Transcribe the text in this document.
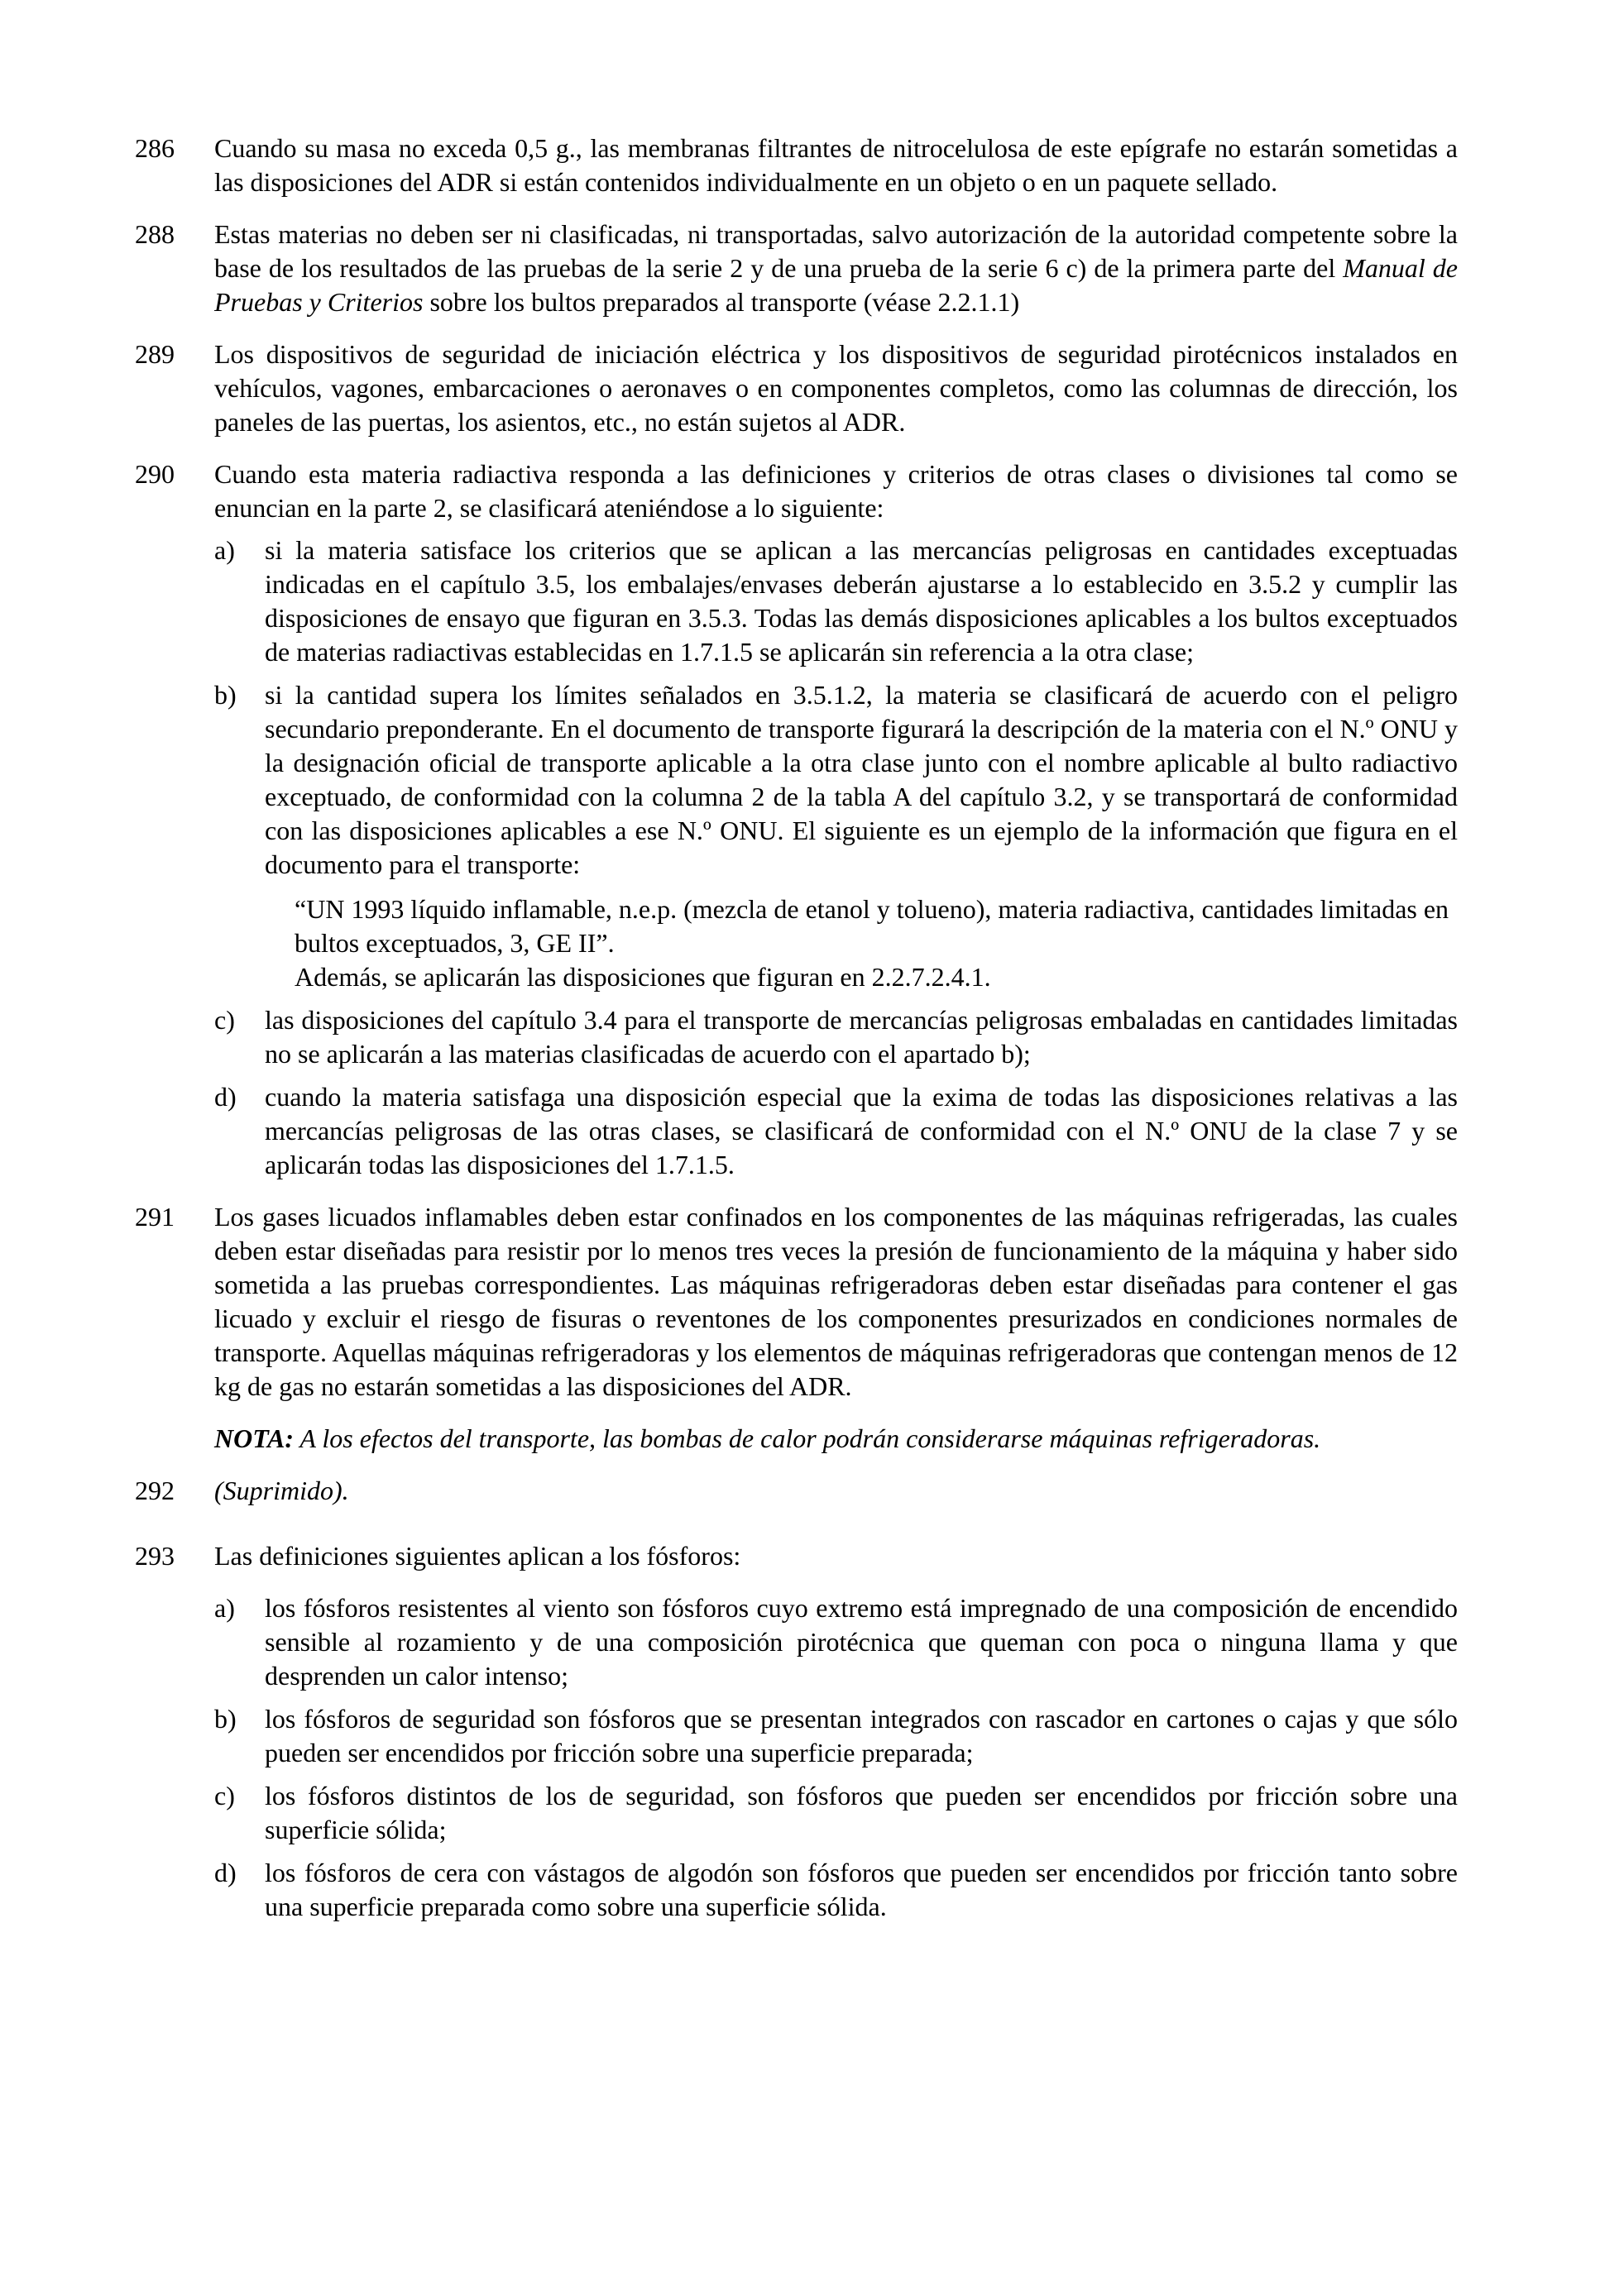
286	Cuando su masa no exceda 0,5 g., las membranas filtrantes de nitrocelulosa de este epígrafe no estarán sometidas a las disposiciones del ADR si están contenidos individualmente en un objeto o en un paquete sellado.

288	Estas materias no deben ser ni clasificadas, ni transportadas, salvo autorización de la autoridad competente sobre la base de los resultados de las pruebas de la serie 2 y de una prueba de la serie 6 c) de la primera parte del Manual de Pruebas y Criterios sobre los bultos preparados al transporte (véase 2.2.1.1)

289	Los dispositivos de seguridad de iniciación eléctrica y los dispositivos de seguridad pirotécnicos instalados en vehículos, vagones, embarcaciones o aeronaves o en componentes completos, como las columnas de dirección, los paneles de las puertas, los asientos, etc., no están sujetos al ADR.

290	Cuando esta materia radiactiva responda a las definiciones y criterios de otras clases o divisiones tal como se enuncian en la parte 2, se clasificará ateniéndose a lo siguiente:

a) si la materia satisface los criterios que se aplican a las mercancías peligrosas en cantidades exceptuadas indicadas en el capítulo 3.5, los embalajes/envases deberán ajustarse a lo establecido en 3.5.2 y cumplir las disposiciones de ensayo que figuran en 3.5.3. Todas las demás disposiciones aplicables a los bultos exceptuados de materias radiactivas establecidas en 1.7.1.5 se aplicarán sin referencia a la otra clase;
b) si la cantidad supera los límites señalados en 3.5.1.2, la materia se clasificará de acuerdo con el peligro secundario preponderante. En el documento de transporte figurará la descripción de la materia con el N.º ONU y la designación oficial de transporte aplicable a la otra clase junto con el nombre aplicable al bulto radiactivo exceptuado, de conformidad con la columna 2 de la tabla A del capítulo 3.2, y se transportará de conformidad con las disposiciones aplicables a ese N.º ONU. El siguiente es un ejemplo de la información que figura en el documento para el transporte:
“UN 1993 líquido inflamable, n.e.p. (mezcla de etanol y tolueno), materia radiactiva, cantidades limitadas en bultos exceptuados, 3, GE II”.
Además, se aplicarán las disposiciones que figuran en 2.2.7.2.4.1.
c) las disposiciones del capítulo 3.4 para el transporte de mercancías peligrosas embaladas en cantidades limitadas no se aplicarán a las materias clasificadas de acuerdo con el apartado b);
d) cuando la materia satisfaga una disposición especial que la exima de todas las disposiciones relativas a las mercancías peligrosas de las otras clases, se clasificará de conformidad con el N.º ONU de la clase 7 y se aplicarán todas las disposiciones del 1.7.1.5.
291	Los gases licuados inflamables deben estar confinados en los componentes de las máquinas refrigeradas, las cuales deben estar diseñadas para resistir por lo menos tres veces la presión de funcionamiento de la máquina y haber sido sometida a las pruebas correspondientes. Las máquinas refrigeradoras deben estar diseñadas para contener el gas licuado y excluir el riesgo de fisuras o reventones de los componentes presurizados en condiciones normales de transporte. Aquellas máquinas refrigeradoras y los elementos de máquinas refrigeradoras que contengan menos de 12 kg de gas no estarán sometidas a las disposiciones del ADR.

NOTA: A los efectos del transporte, las bombas de calor podrán considerarse máquinas refrigeradoras.

292	(Suprimido).

293	Las definiciones siguientes aplican a los fósforos:

a) los fósforos resistentes al viento son fósforos cuyo extremo está impregnado de una composición de encendido sensible al rozamiento y de una composición pirotécnica que queman con poca o ninguna llama y que desprenden un calor intenso;
b) los fósforos de seguridad son fósforos que se presentan integrados con rascador en cartones o cajas y que sólo pueden ser encendidos por fricción sobre una superficie preparada;
c) los fósforos distintos de los de seguridad, son fósforos que pueden ser encendidos por fricción sobre una superficie sólida;
d) los fósforos de cera con vástagos de algodón son fósforos que pueden ser encendidos por fricción tanto sobre una superficie preparada como sobre una superficie sólida.
